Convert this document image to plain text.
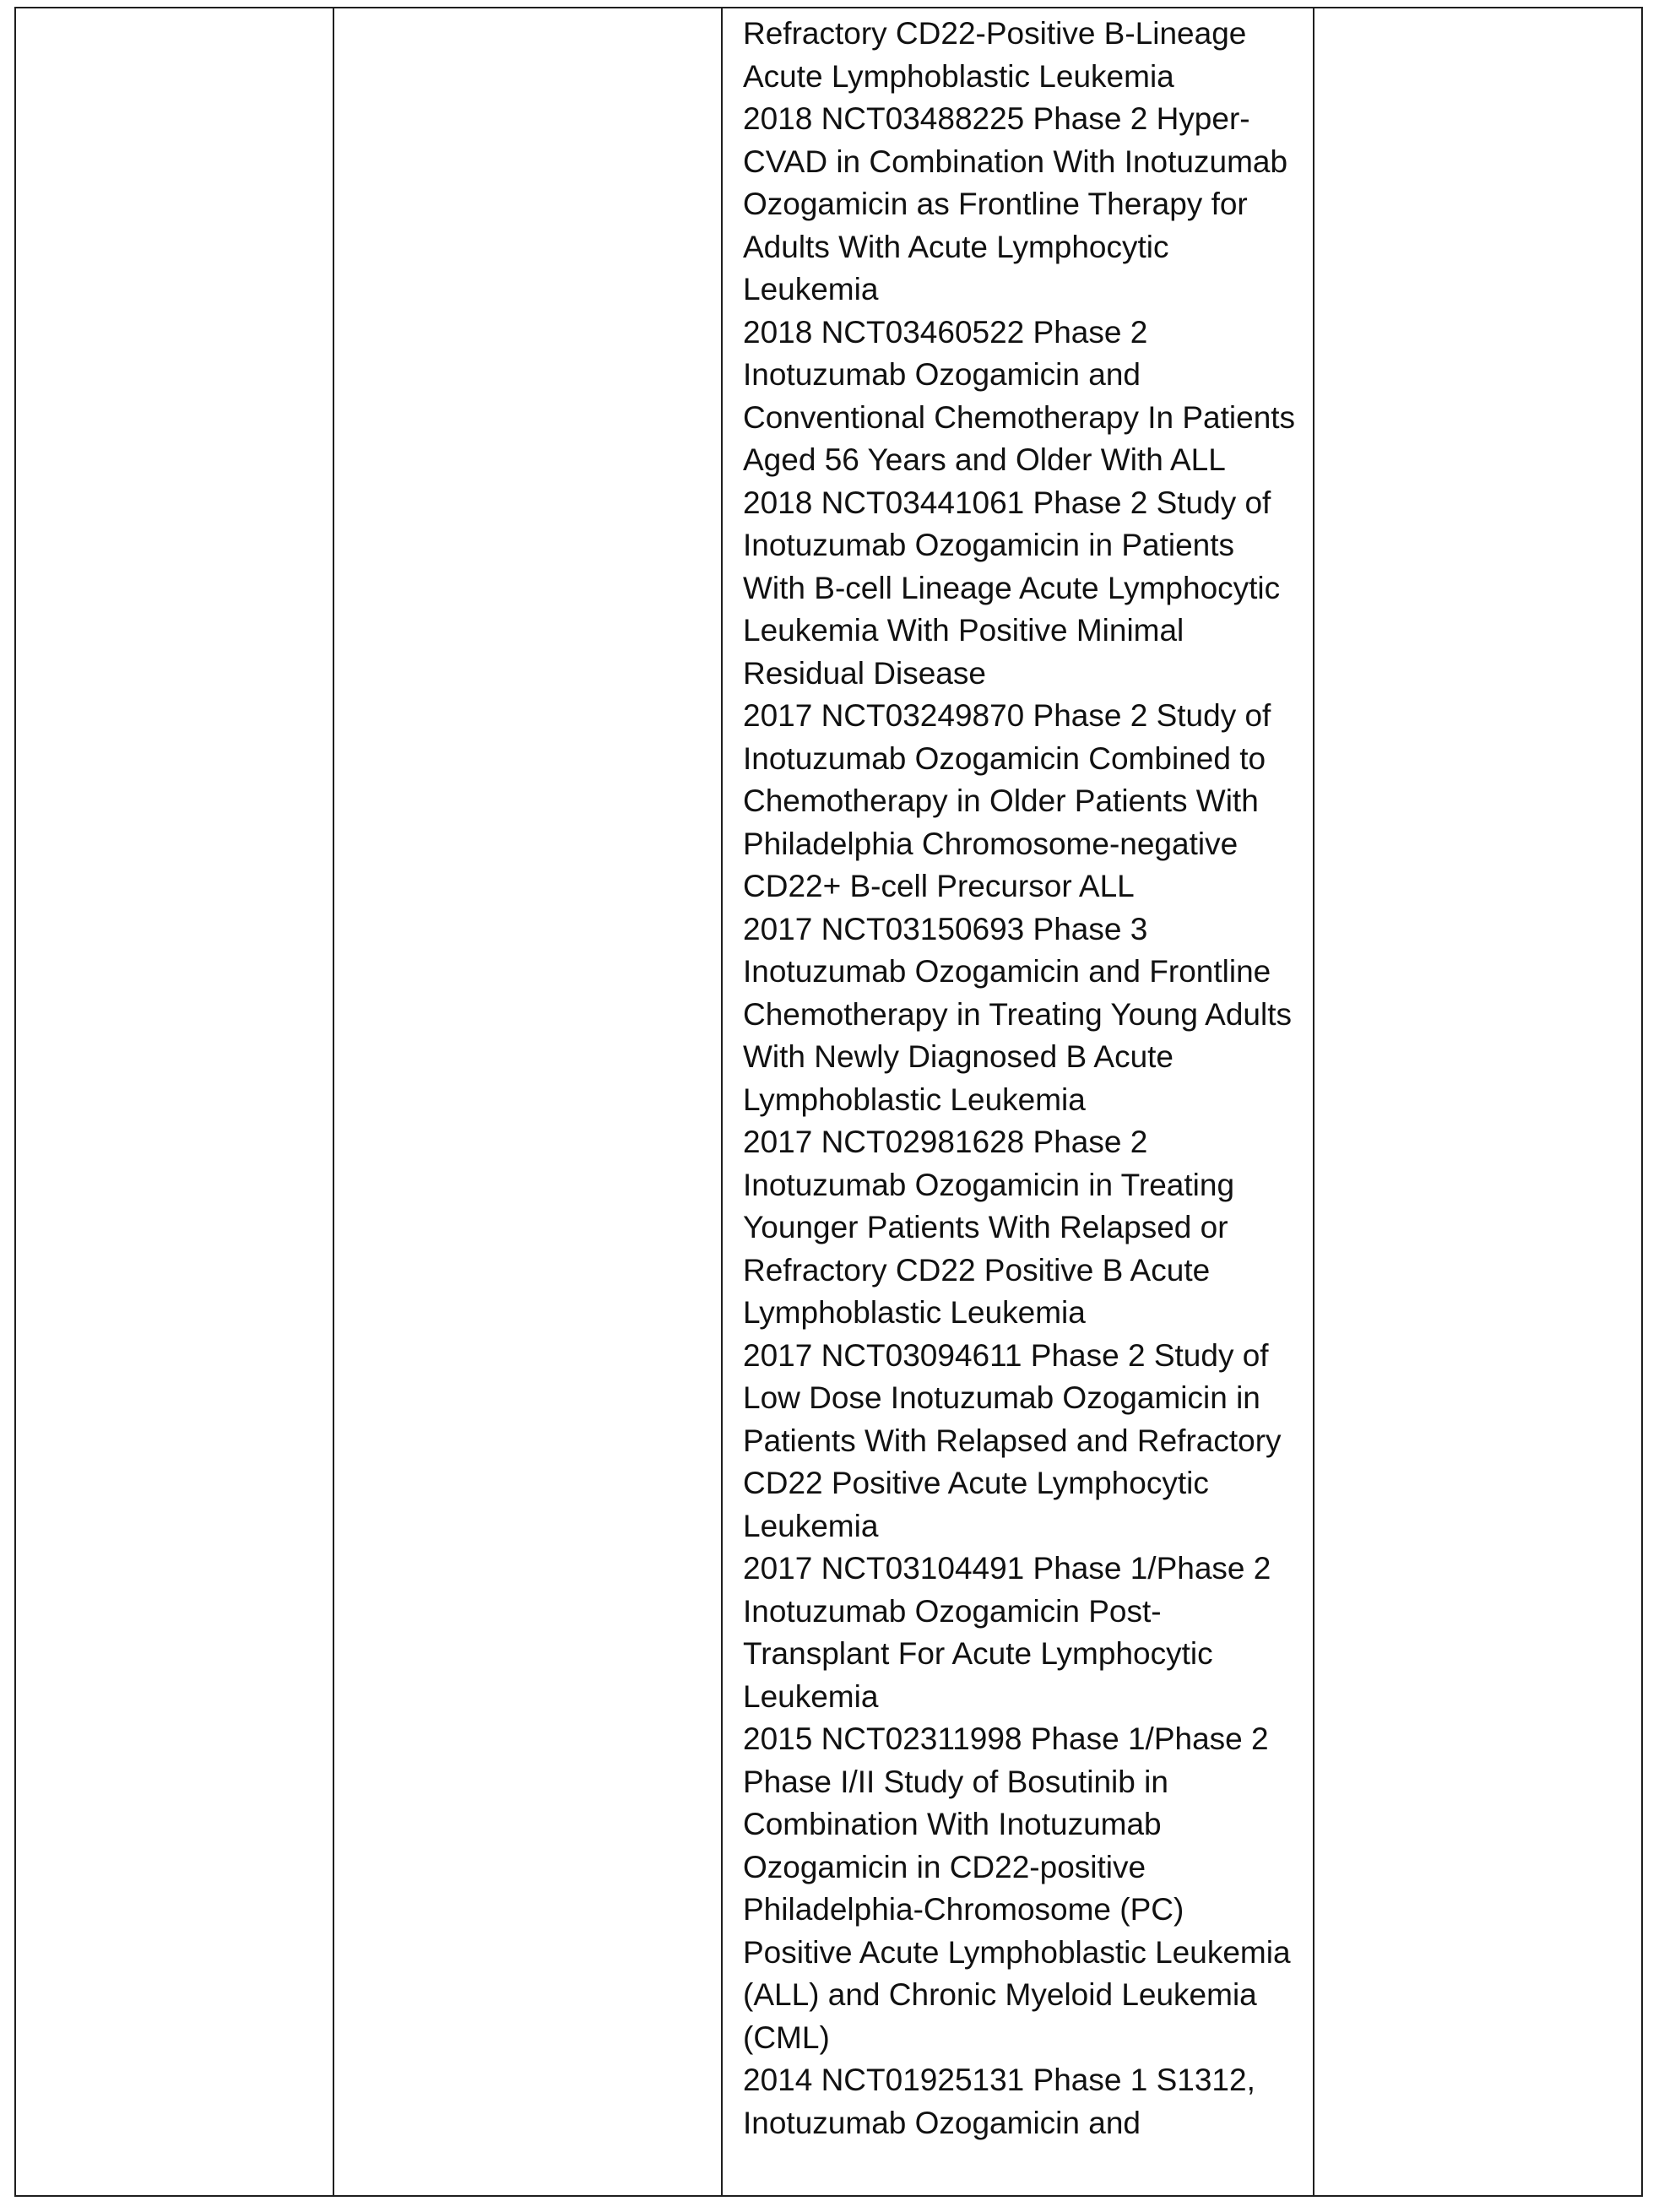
Refractory CD22-Positive B-Lineage Acute Lymphoblastic Leukemia
2018 NCT03488225 Phase 2 Hyper-CVAD in Combination With Inotuzumab Ozogamicin as Frontline Therapy for Adults With Acute Lymphocytic Leukemia
2018 NCT03460522 Phase 2 Inotuzumab Ozogamicin and Conventional Chemotherapy In Patients Aged 56 Years and Older With ALL
2018 NCT03441061 Phase 2 Study of Inotuzumab Ozogamicin in Patients With B-cell Lineage Acute Lymphocytic Leukemia With Positive Minimal Residual Disease
2017 NCT03249870 Phase 2 Study of Inotuzumab Ozogamicin Combined to Chemotherapy in Older Patients With Philadelphia Chromosome-negative CD22+ B-cell Precursor ALL
2017 NCT03150693 Phase 3 Inotuzumab Ozogamicin and Frontline Chemotherapy in Treating Young Adults With Newly Diagnosed B Acute Lymphoblastic Leukemia
2017 NCT02981628 Phase 2 Inotuzumab Ozogamicin in Treating Younger Patients With Relapsed or Refractory CD22 Positive B Acute Lymphoblastic Leukemia
2017 NCT03094611 Phase 2 Study of Low Dose Inotuzumab Ozogamicin in Patients With Relapsed and Refractory CD22 Positive Acute Lymphocytic Leukemia
2017 NCT03104491 Phase 1/Phase 2 Inotuzumab Ozogamicin Post-Transplant For Acute Lymphocytic Leukemia
2015 NCT02311998 Phase 1/Phase 2 Phase I/II Study of Bosutinib in Combination With Inotuzumab Ozogamicin in CD22-positive Philadelphia-Chromosome (PC) Positive Acute Lymphoblastic Leukemia (ALL) and Chronic Myeloid Leukemia (CML)
2014 NCT01925131 Phase 1 S1312, Inotuzumab Ozogamicin and
